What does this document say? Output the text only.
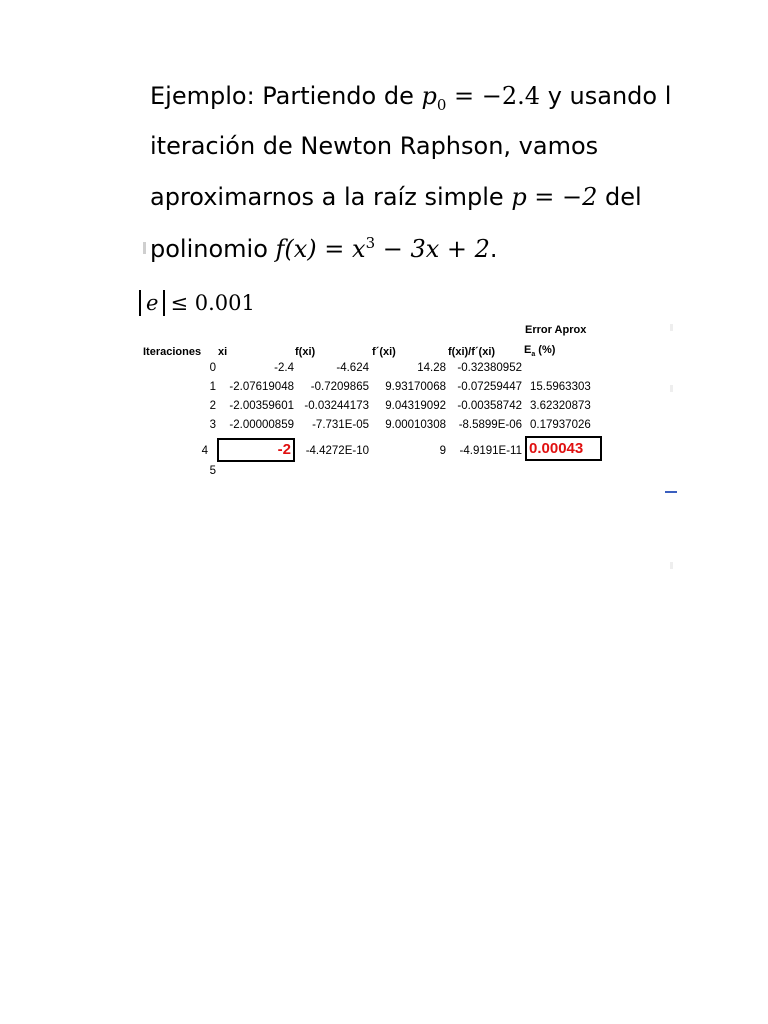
Ejemplo: Partiendo de $p_0 = -2.4$ y usando l
iteración de Newton Raphson, vamos
aproximarnos a la raíz simple p = −2 del
polinomio $f(x) = x^3 - 3x + 2$.
e ≤ 0.001
Error Aprox
$E_a$ (%)
Iteraciones xi	f(xi)	f´(xi)	f(xi)/f´(xi)
0	-2.4	-4.624	14.28 -0.32380952
1	-2.07619048	-0.7209865	9.93170068 -0.07259447 15.5963303
2	-2.00359601 -0.03244173	9.04319092 -0.00358742 3.62320873
3	-2.00000859	-7.731E-05	9.00010308	-8.5899E-06 0.17937026
4	-2	-4.4272E-10	9	-4.9191E-11 0.00043
5
